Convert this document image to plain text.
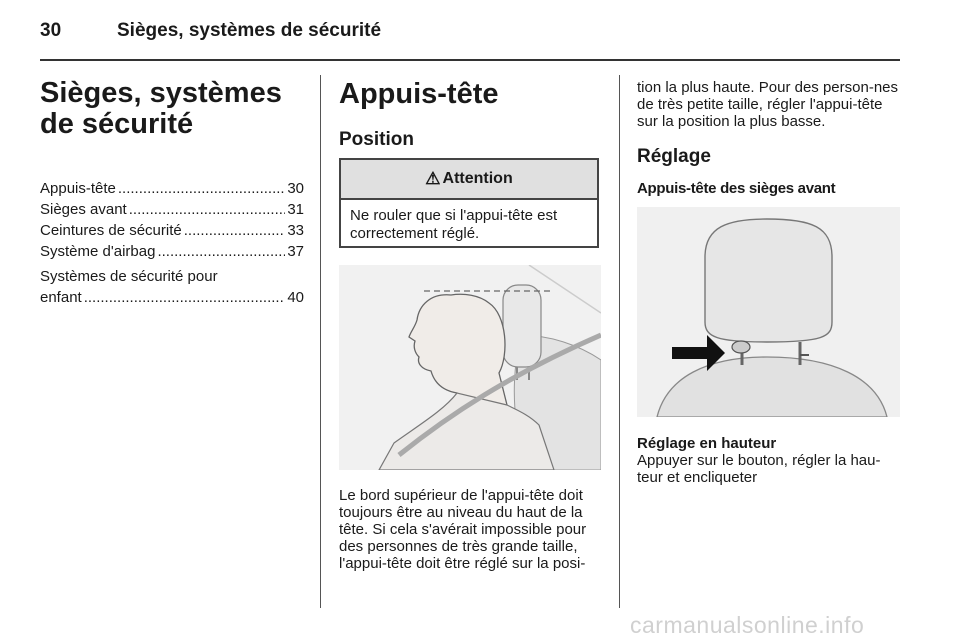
30	Sièges, systèmes de sécurité
Sièges, systèmes de sécurité
Appuis-tête .....	30
Sièges avant .....	31
Ceintures de sécurité .....	33
Système d'airbag .....	37
Systèmes de sécurité pour
enfant .....	40
Appuis-tête
Position
⚠ Attention
Ne rouler que si l'appui-tête est correctement réglé.
Le bord supérieur de l'appui-tête doit toujours être au niveau du haut de la tête. Si cela s'avérait impossible pour des personnes de très grande taille, l'appui-tête doit être réglé sur la posi-
tion la plus haute. Pour des person-nes de très petite taille, régler l'appui-tête sur la position la plus basse.
Réglage
Appuis-tête des sièges avant
Réglage en hauteur
Appuyer sur le bouton, régler la hau-teur et encliqueter
carmanualsonline.info
